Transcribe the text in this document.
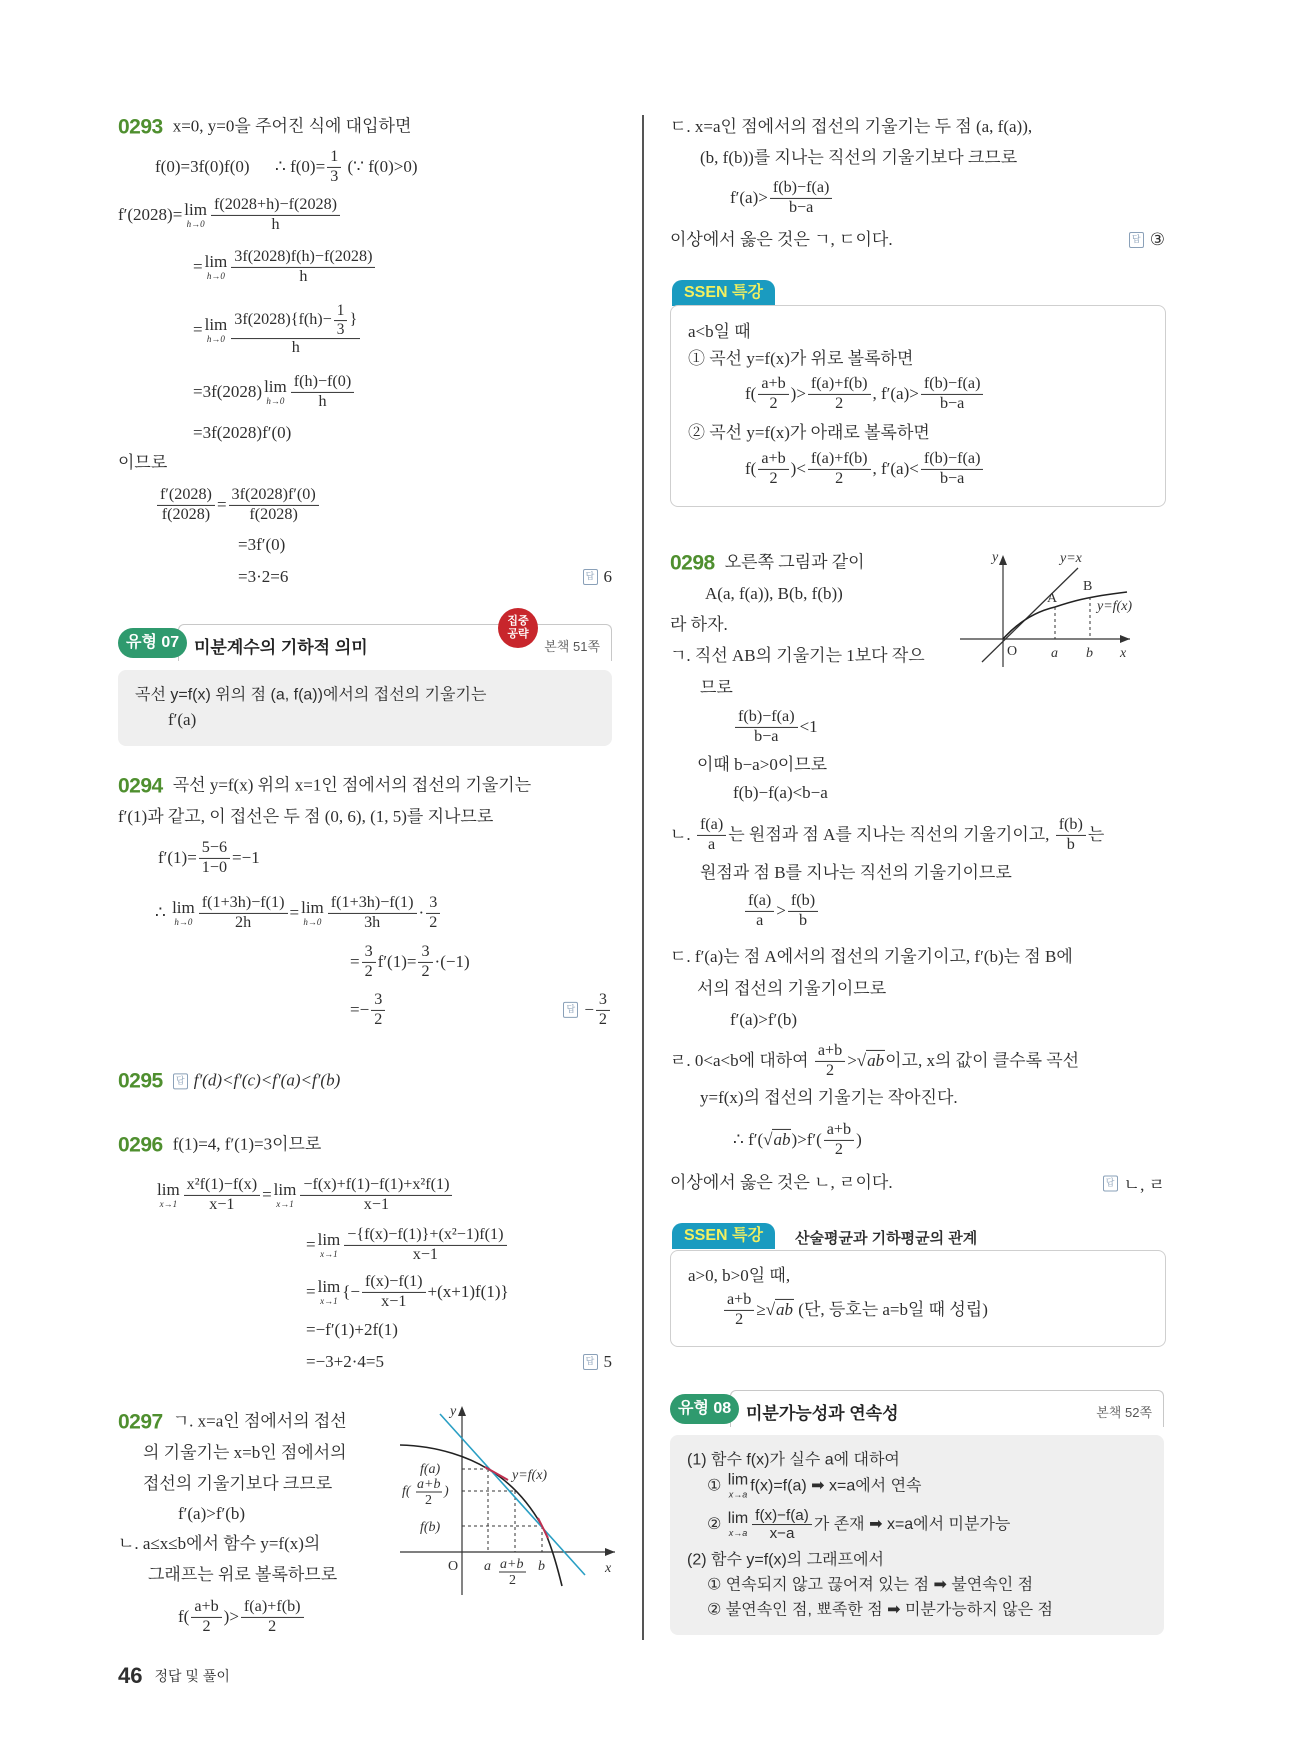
0293 x=0, y=0을 주어진 식에 대입하면
f(0)=3f(0)f(0)      ∴ $f(0)= \frac{1}{3}$ (∵ f(0)>0)
f′(2028)= lim
$h\to 0 \frac{f(2028+h)-f(2028)}{h}$
= lim
$h\to 0 \frac{3f(2028)f(h)-f(2028)}{h}$
= lim
$h\to 0 \frac{3f(2028)\{f(h)- \frac{1}{3} \}}{h}$
=3f(2028) lim
$h\to 0 \frac{f(h)-f(0)}{h}$
=3f(2028)f′(0)
이므로
$\frac{f'(2028)}{f(2028)} = \frac{3f(2028)f'(0)}{f(2028)}$
=3f′(0)
=3·2=6	답 6
유형 07 미분계수의 기하적 의미	본책 51쪽
집중
공략
곡선 y=f(x) 위의 점 (a, f(a))에서의 접선의 기울기는
f′(a)
0294 곡선 y=f(x) 위의 x=1인 점에서의 접선의 기울기는
f′(1)과 같고, 이 접선은 두 점 (0, 6), (1, 5)를 지나므로
$f'(1)= \frac{5-6}{1-0} =-1$
∴ lim
$h\to 0 \frac{f(1+3h)-f(1)}{2h} = \lim$
$h\to 0 \frac{f(1+3h)-f(1)}{3h} \cdot \frac{3}{2}$
= $\frac{3}{2} f'(1)= \frac{3}{2} \cdot(-1)$
=− $\frac{3}{2}$	답 − $\frac{3}{2}$
0295	답 f′(d)<f′(c)<f′(a)<f′(b)
0296 f(1)=4, f′(1)=3이므로
lim
$x\to 1 \frac{\text{x²f(1)−f(x)}}{x-1} = \lim$
$x\to 1 \frac{\text{−f(x)+f(1)−f(1)+x²f(1)}}{x-1}$
= lim
$x\to 1 \frac{\text{−\{f(x)−f(1)\}+(x²−1)f(1)}}{x-1}$
= lim
x→1
{− $\frac{f(x)-f(1)}{x-1} +(x+1)f(1)$}
=−f′(1)+2f(1)
=−3+2·4=5	답 5
0297 ㄱ. x=a인 점에서의 접선
의 기울기는 x=b인 점에서의
접선의 기울기보다 크므로
f′(a)>f′(b)
ㄴ. a≤x≤b에서 함수 y=f(x)의
그래프는 위로 볼록하므로
$f( \frac{a+b}{2}$ )> $\frac{f(a)+f(b)}{2}$
y
x
O
f(a)
f( a+b
2
)
f(b)
y=f(x)
a a+b
2
b
46 정답 및 풀이
ㄷ. x=a인 점에서의 접선의 기울기는 두 점 (a, f(a)),
(b, f(b))를 지나는 직선의 기울기보다 크므로
$f'(a)> \frac{f(b)-f(a)}{b-a}$
이상에서 옳은 것은 ㄱ, ㄷ이다.	답 ③
SSEN 특강
a<b일 때
① 곡선 y=f(x)가 위로 볼록하면
$f( \frac{a+b}{2}$ )> $\frac{f(a)+f(b)}{2}$ , $f'(a)> \frac{f(b)-f(a)}{b-a}$
② 곡선 y=f(x)가 아래로 볼록하면
$f( \frac{a+b}{2}$ )< $\frac{f(a)+f(b)}{2}$ , $f'(a)< \frac{f(b)-f(a)}{b-a}$
0298 오른쪽 그림과 같이
A(a, f(a)), B(b, f(b))
라 하자.
ㄱ. 직선 AB의 기울기는 1보다 작으
므로
$\frac{f(b)-f(a)}{b-a} <1$
이때 b−a>0이므로
f(b)−f(a)<b−a
ㄴ. $\frac{f(a)}{a}$ 는 원점과 점 A를 지나는 직선의 기울기이고, $\frac{f(b)}{b}$ 는
원점과 점 B를 지나는 직선의 기울기이므로
$\frac{f(a)}{a} > \frac{f(b)}{b}$
ㄷ. f′(a)는 점 A에서의 접선의 기울기이고, f′(b)는 점 B에
서의 접선의 기울기이므로
f′(a)>f′(b)
ㄹ. 0<a<b에 대하여 $\frac{a+b}{2} > √ab$ 이고, x의 값이 클수록 곡선
y=f(x)의 접선의 기울기는 작아진다.
∴ f′( √ab )$>f'( \frac{a+b}{2}$ )
이상에서 옳은 것은 ㄴ, ㄹ이다.	답 ㄴ, ㄹ
y	y=x
A
B
y=f(x)
O a b x
SSEN 특강	산술평균과 기하평균의 관계
a>0, b>0일 때,
$\frac{a+b}{2} \ge √ab$ (단, 등호는 a=b일 때 성립)
유형 08 미분가능성과 연속성	본책 52쪽
(1) 함수 f(x)가 실수 a에 대하여
① lim
x→a
f(x)=f(a) ➡ x=a에서 연속
② lim
$x\to a \frac{f(x)-f(a)}{x-a}$ 가 존재 ➡ x=a에서 미분가능
(2) 함수 y=f(x)의 그래프에서
① 연속되지 않고 끊어져 있는 점 ➡ 불연속인 점
② 불연속인 점, 뾰족한 점 ➡ 미분가능하지 않은 점
